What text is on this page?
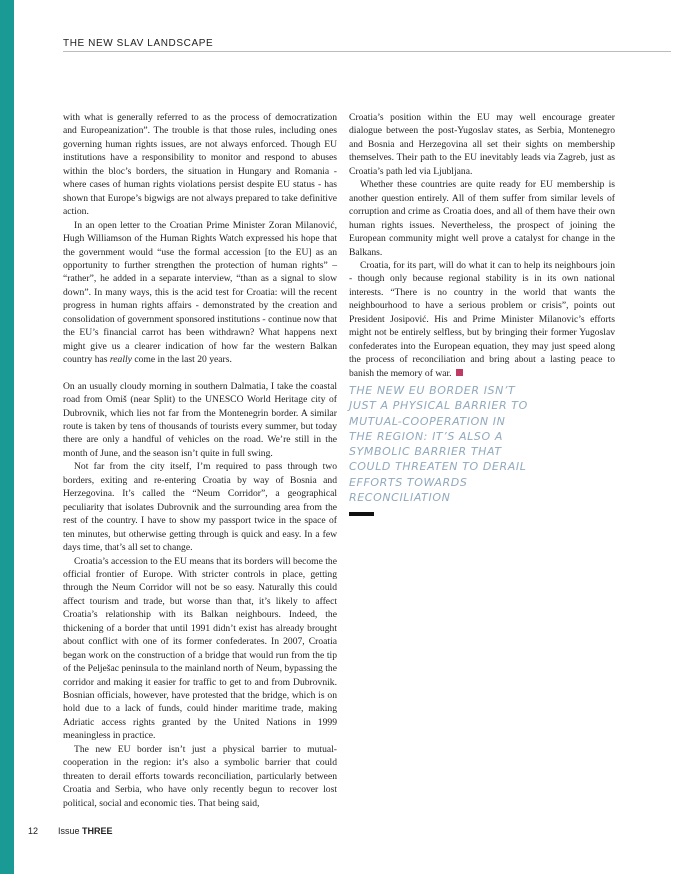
THE NEW SLAV LANDSCAPE

with what is generally referred to as the process of democratization and Europeanization”. The trouble is that those rules, including ones governing human rights issues, are not always enforced. Though EU institutions have a responsibility to monitor and respond to abuses within the bloc’s borders, the situation in Hungary and Romania - where cases of human rights violations persist despite EU status - has shown that Europe’s bigwigs are not always prepared to take definitive action.

In an open letter to the Croatian Prime Minister Zoran Milanović, Hugh Williamson of the Human Rights Watch expressed his hope that the government would “use the formal accession [to the EU] as an opportunity to further strengthen the protection of human rights” – “rather”, he added in a separate interview, “than as a signal to slow down”. In many ways, this is the acid test for Croatia: will the recent progress in human rights affairs - demonstrated by the creation and consolidation of government sponsored institutions - continue now that the EU’s financial carrot has been withdrawn? What happens next might give us a clearer indication of how far the western Balkan country has really come in the last 20 years.

On an usually cloudy morning in southern Dalmatia, I take the coastal road from Omiš (near Split) to the UNESCO World Heritage city of Dubrovnik, which lies not far from the Montenegrin border. A similar route is taken by tens of thousands of tourists every summer, but today there are only a handful of vehicles on the road. We’re still in the month of June, and the season isn’t quite in full swing.

Not far from the city itself, I’m required to pass through two borders, exiting and re-entering Croatia by way of Bosnia and Herzegovina. It’s called the “Neum Corridor”, a geographical peculiarity that isolates Dubrovnik and the surrounding area from the rest of the country. I have to show my passport twice in the space of ten minutes, but otherwise getting through is quick and easy. In a few days time, that’s all set to change.

Croatia’s accession to the EU means that its borders will become the official frontier of Europe. With stricter controls in place, getting through the Neum Corridor will not be so easy. Naturally this could affect tourism and trade, but worse than that, it’s likely to affect Croatia’s relationship with its Balkan neighbours. Indeed, the thickening of a border that until 1991 didn’t exist has already brought about conflict with one of its former confederates. In 2007, Croatia began work on the construction of a bridge that would run from the tip of the Pelješac peninsula to the mainland north of Neum, bypassing the corridor and making it easier for traffic to get to and from Dubrovnik. Bosnian officials, however, have protested that the bridge, which is on hold due to a lack of funds, could hinder maritime trade, making Adriatic access rights granted by the United Nations in 1999 meaningless in practice.

The new EU border isn’t just a physical barrier to mutual-cooperation in the region: it’s also a symbolic barrier that could threaten to derail efforts towards reconciliation, particularly between Croatia and Serbia, who have only recently begun to recover lost political, social and economic ties. That being said,

Croatia’s position within the EU may well encourage greater dialogue between the post-Yugoslav states, as Serbia, Montenegro and Bosnia and Herzegovina all set their sights on membership themselves. Their path to the EU inevitably leads via Zagreb, just as Croatia’s path led via Ljubljana.

Whether these countries are quite ready for EU membership is another question entirely. All of them suffer from similar levels of corruption and crime as Croatia does, and all of them have their own human rights issues. Nevertheless, the prospect of joining the European community might well prove a catalyst for change in the Balkans.

Croatia, for its part, will do what it can to help its neighbours join - though only because regional stability is in its own national interests. “There is no country in the world that wants the neighbourhood to have a serious problem or crisis”, points out President Josipović. His and Prime Minister Milanovic’s efforts might not be entirely selfless, but by bringing their former Yugoslav confederates into the European equation, they may just speed along the process of reconciliation and bring about a lasting peace to banish the memory of war.

THE NEW EU BORDER ISN’T JUST A PHYSICAL BARRIER TO MUTUAL-COOPERATION IN THE REGION: IT’S ALSO A SYMBOLIC BARRIER THAT COULD THREATEN TO DERAIL EFFORTS TOWARDS RECONCILIATION
12 Issue THREE
